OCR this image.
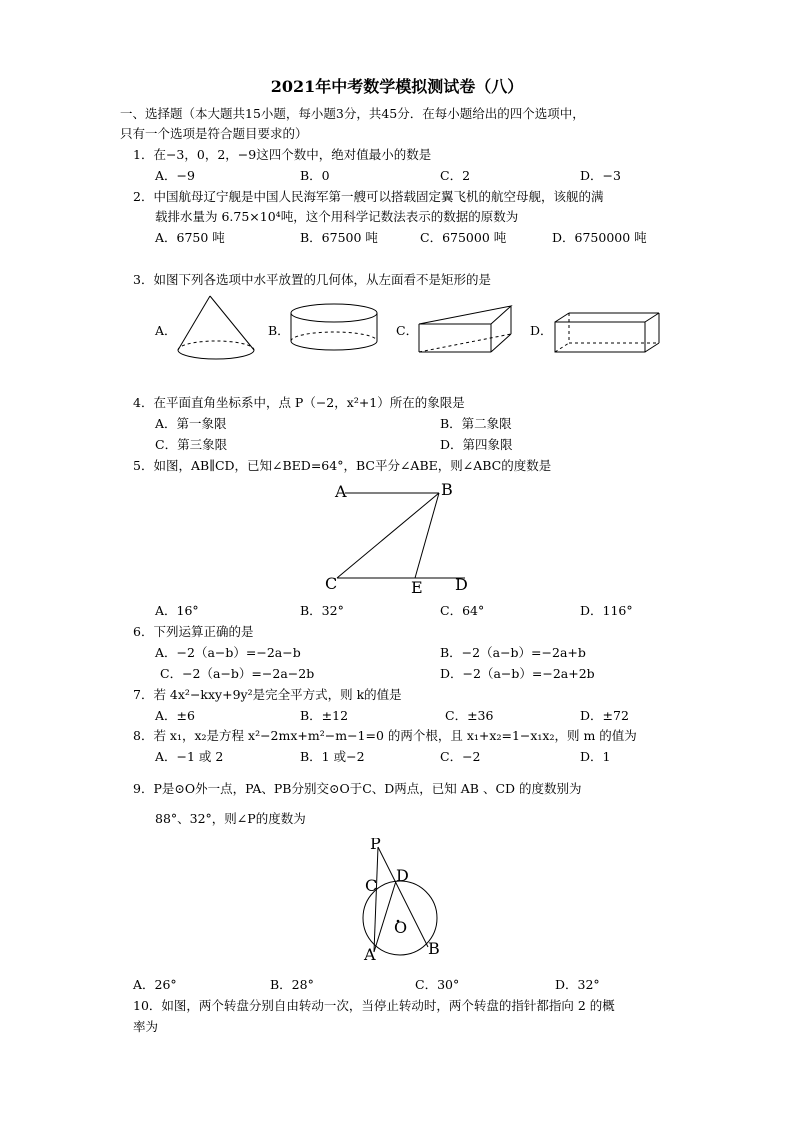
2021年中考数学模拟测试卷（八）
一、选择题（本大题共15小题，每小题3分，共45分．在每小题给出的四个选项中，
只有一个选项是符合题目要求的）
1．在−3，0，2，−9这四个数中，绝对值最小的数是
A．−9	B．0	C．2	D．−3
2．中国航母辽宁舰是中国人民海军第一艘可以搭载固定翼飞机的航空母舰，该舰的满
载排水量为 6.75×10⁴吨，这个用科学记数法表示的数据的原数为
A．6750 吨	B．67500 吨	C．675000 吨	D．6750000 吨
3．如图下列各选项中水平放置的几何体，从左面看不是矩形的是
A．	B．	C．	D．
4．在平面直角坐标系中，点 P（−2，x²+1）所在的象限是
A．第一象限	B．第二象限
C．第三象限	D．第四象限
5．如图，AB∥CD，已知∠BED=64°，BC平分∠ABE，则∠ABC的度数是
A	B
C	E D
A．16°	B．32°	C．64°	D．116°
6．下列运算正确的是
A．−2（a−b）=−2a−b	B．−2（a−b）=−2a+b
C．−2（a−b）=−2a−2b	D．−2（a−b）=−2a+2b
7．若 4x²−kxy+9y²是完全平方式，则 k的值是
A．±6	B．±12	C．±36	D．±72
8．若 x₁，x₂是方程 x²−2mx+m²−m−1=0 的两个根，且 x₁+x₂=1−x₁x₂，则 m 的值为
A．−1 或 2	B．1 或−2	C．−2	D．1
9．P是⊙O外一点，PA、PB分别交⊙O于C、D两点，已知 AB 、CD 的度数别为
88°、32°，则∠P的度数为
P
C
D
O
A	B
A．26°	B．28°	C．30°	D．32°
10．如图，两个转盘分别自由转动一次，当停止转动时，两个转盘的指针都指向 2 的概
率为
